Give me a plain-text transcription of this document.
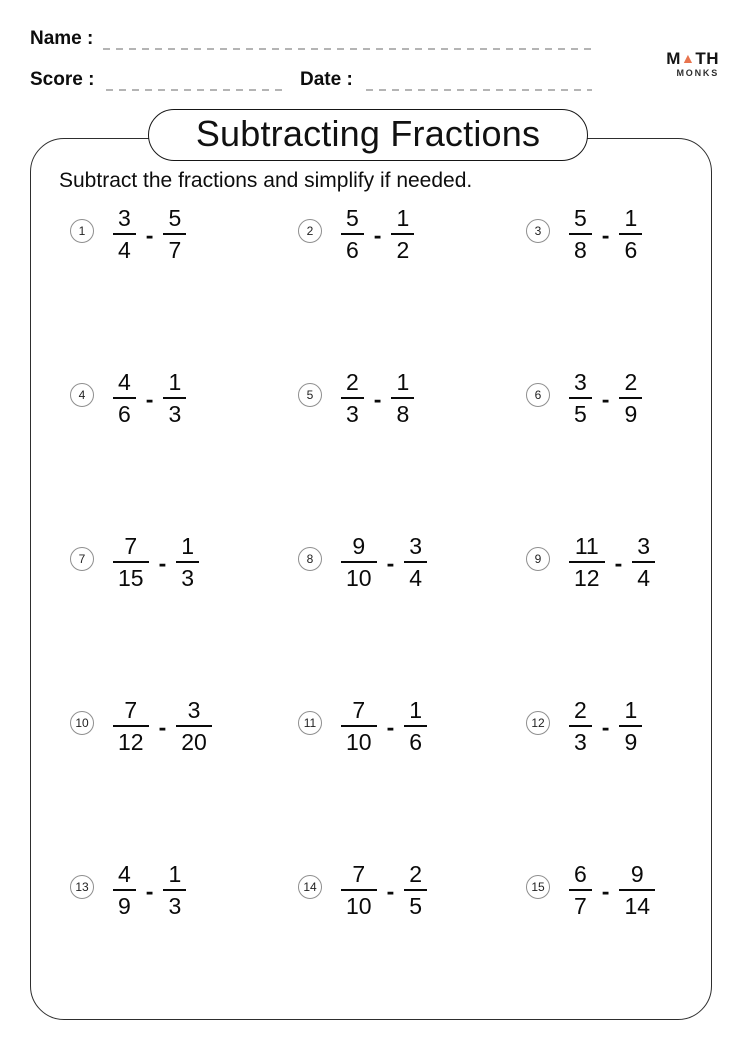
Name :
Score :	Date :
M▲TH
MONKS
Subtracting Fractions
Subtract the fractions and simplify if needed.
1	$\frac{3}{4} - \frac{5}{7}$	2	$\frac{5}{6} - \frac{1}{2}$	3	$\frac{5}{8} - \frac{1}{6}$
4	$\frac{4}{6} - \frac{1}{3}$	5	$\frac{2}{3} - \frac{1}{8}$	6	$\frac{3}{5} - \frac{2}{9}$
7	$\frac{7}{15} - \frac{1}{3}$	8	$\frac{9}{10} - \frac{3}{4}$	9	$\frac{11}{12} - \frac{3}{4}$
$10 \frac{7}{12} - \frac{3}{20}$	$11 \frac{7}{10} - \frac{1}{6}$	$12 \frac{2}{3} - \frac{1}{9}$
$13 \frac{4}{9} - \frac{1}{3}$	$14 \frac{7}{10} - \frac{2}{5}$	$15 \frac{6}{7} - \frac{9}{14}$
